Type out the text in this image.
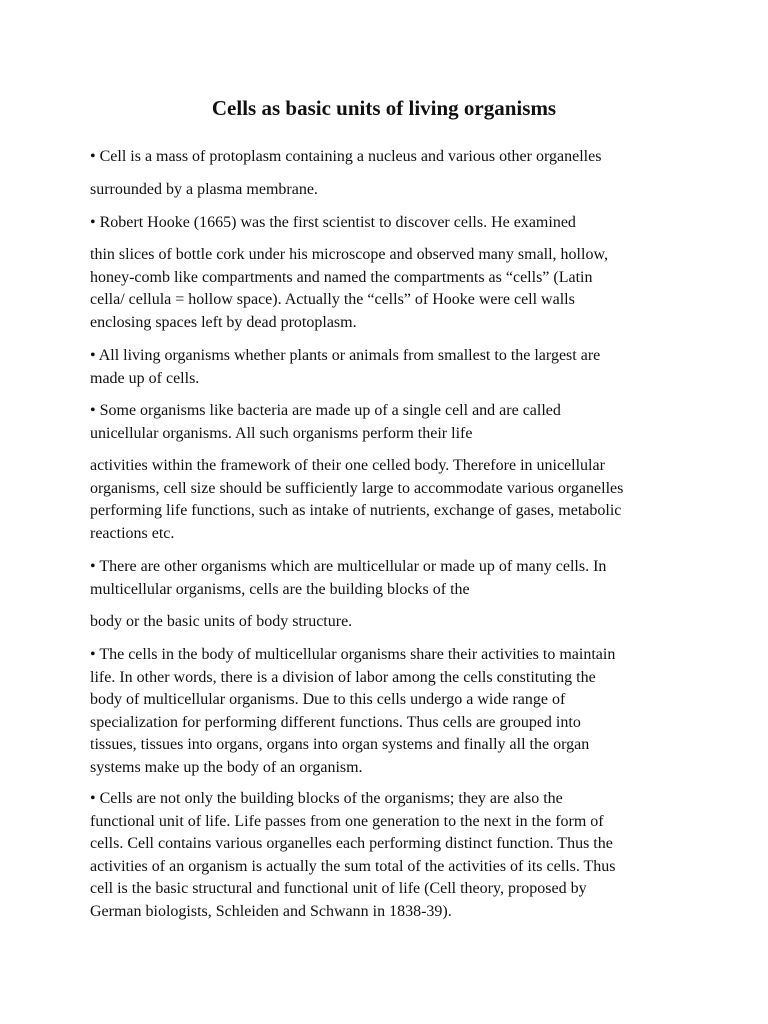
Cells as basic units of living organisms
• Cell is a mass of protoplasm containing a nucleus and various other organelles
surrounded by a plasma membrane.
• Robert Hooke (1665) was the first scientist to discover cells. He examined
thin slices of bottle cork under his microscope and observed many small, hollow,
honey-comb like compartments and named the compartments as “cells” (Latin
cella/ cellula = hollow space). Actually the “cells” of Hooke were cell walls
enclosing spaces left by dead protoplasm.
• All living organisms whether plants or animals from smallest to the largest are
made up of cells.
• Some organisms like bacteria are made up of a single cell and are called
unicellular organisms. All such organisms perform their life
activities within the framework of their one celled body. Therefore in unicellular
organisms, cell size should be sufficiently large to accommodate various organelles
performing life functions, such as intake of nutrients, exchange of gases, metabolic
reactions etc.
• There are other organisms which are multicellular or made up of many cells. In
multicellular organisms, cells are the building blocks of the
body or the basic units of body structure.
• The cells in the body of multicellular organisms share their activities to maintain
life. In other words, there is a division of labor among the cells constituting the
body of multicellular organisms. Due to this cells undergo a wide range of
specialization for performing different functions. Thus cells are grouped into
tissues, tissues into organs, organs into organ systems and finally all the organ
systems make up the body of an organism.
• Cells are not only the building blocks of the organisms; they are also the
functional unit of life. Life passes from one generation to the next in the form of
cells. Cell contains various organelles each performing distinct function. Thus the
activities of an organism is actually the sum total of the activities of its cells. Thus
cell is the basic structural and functional unit of life (Cell theory, proposed by
German biologists, Schleiden and Schwann in 1838-39).
